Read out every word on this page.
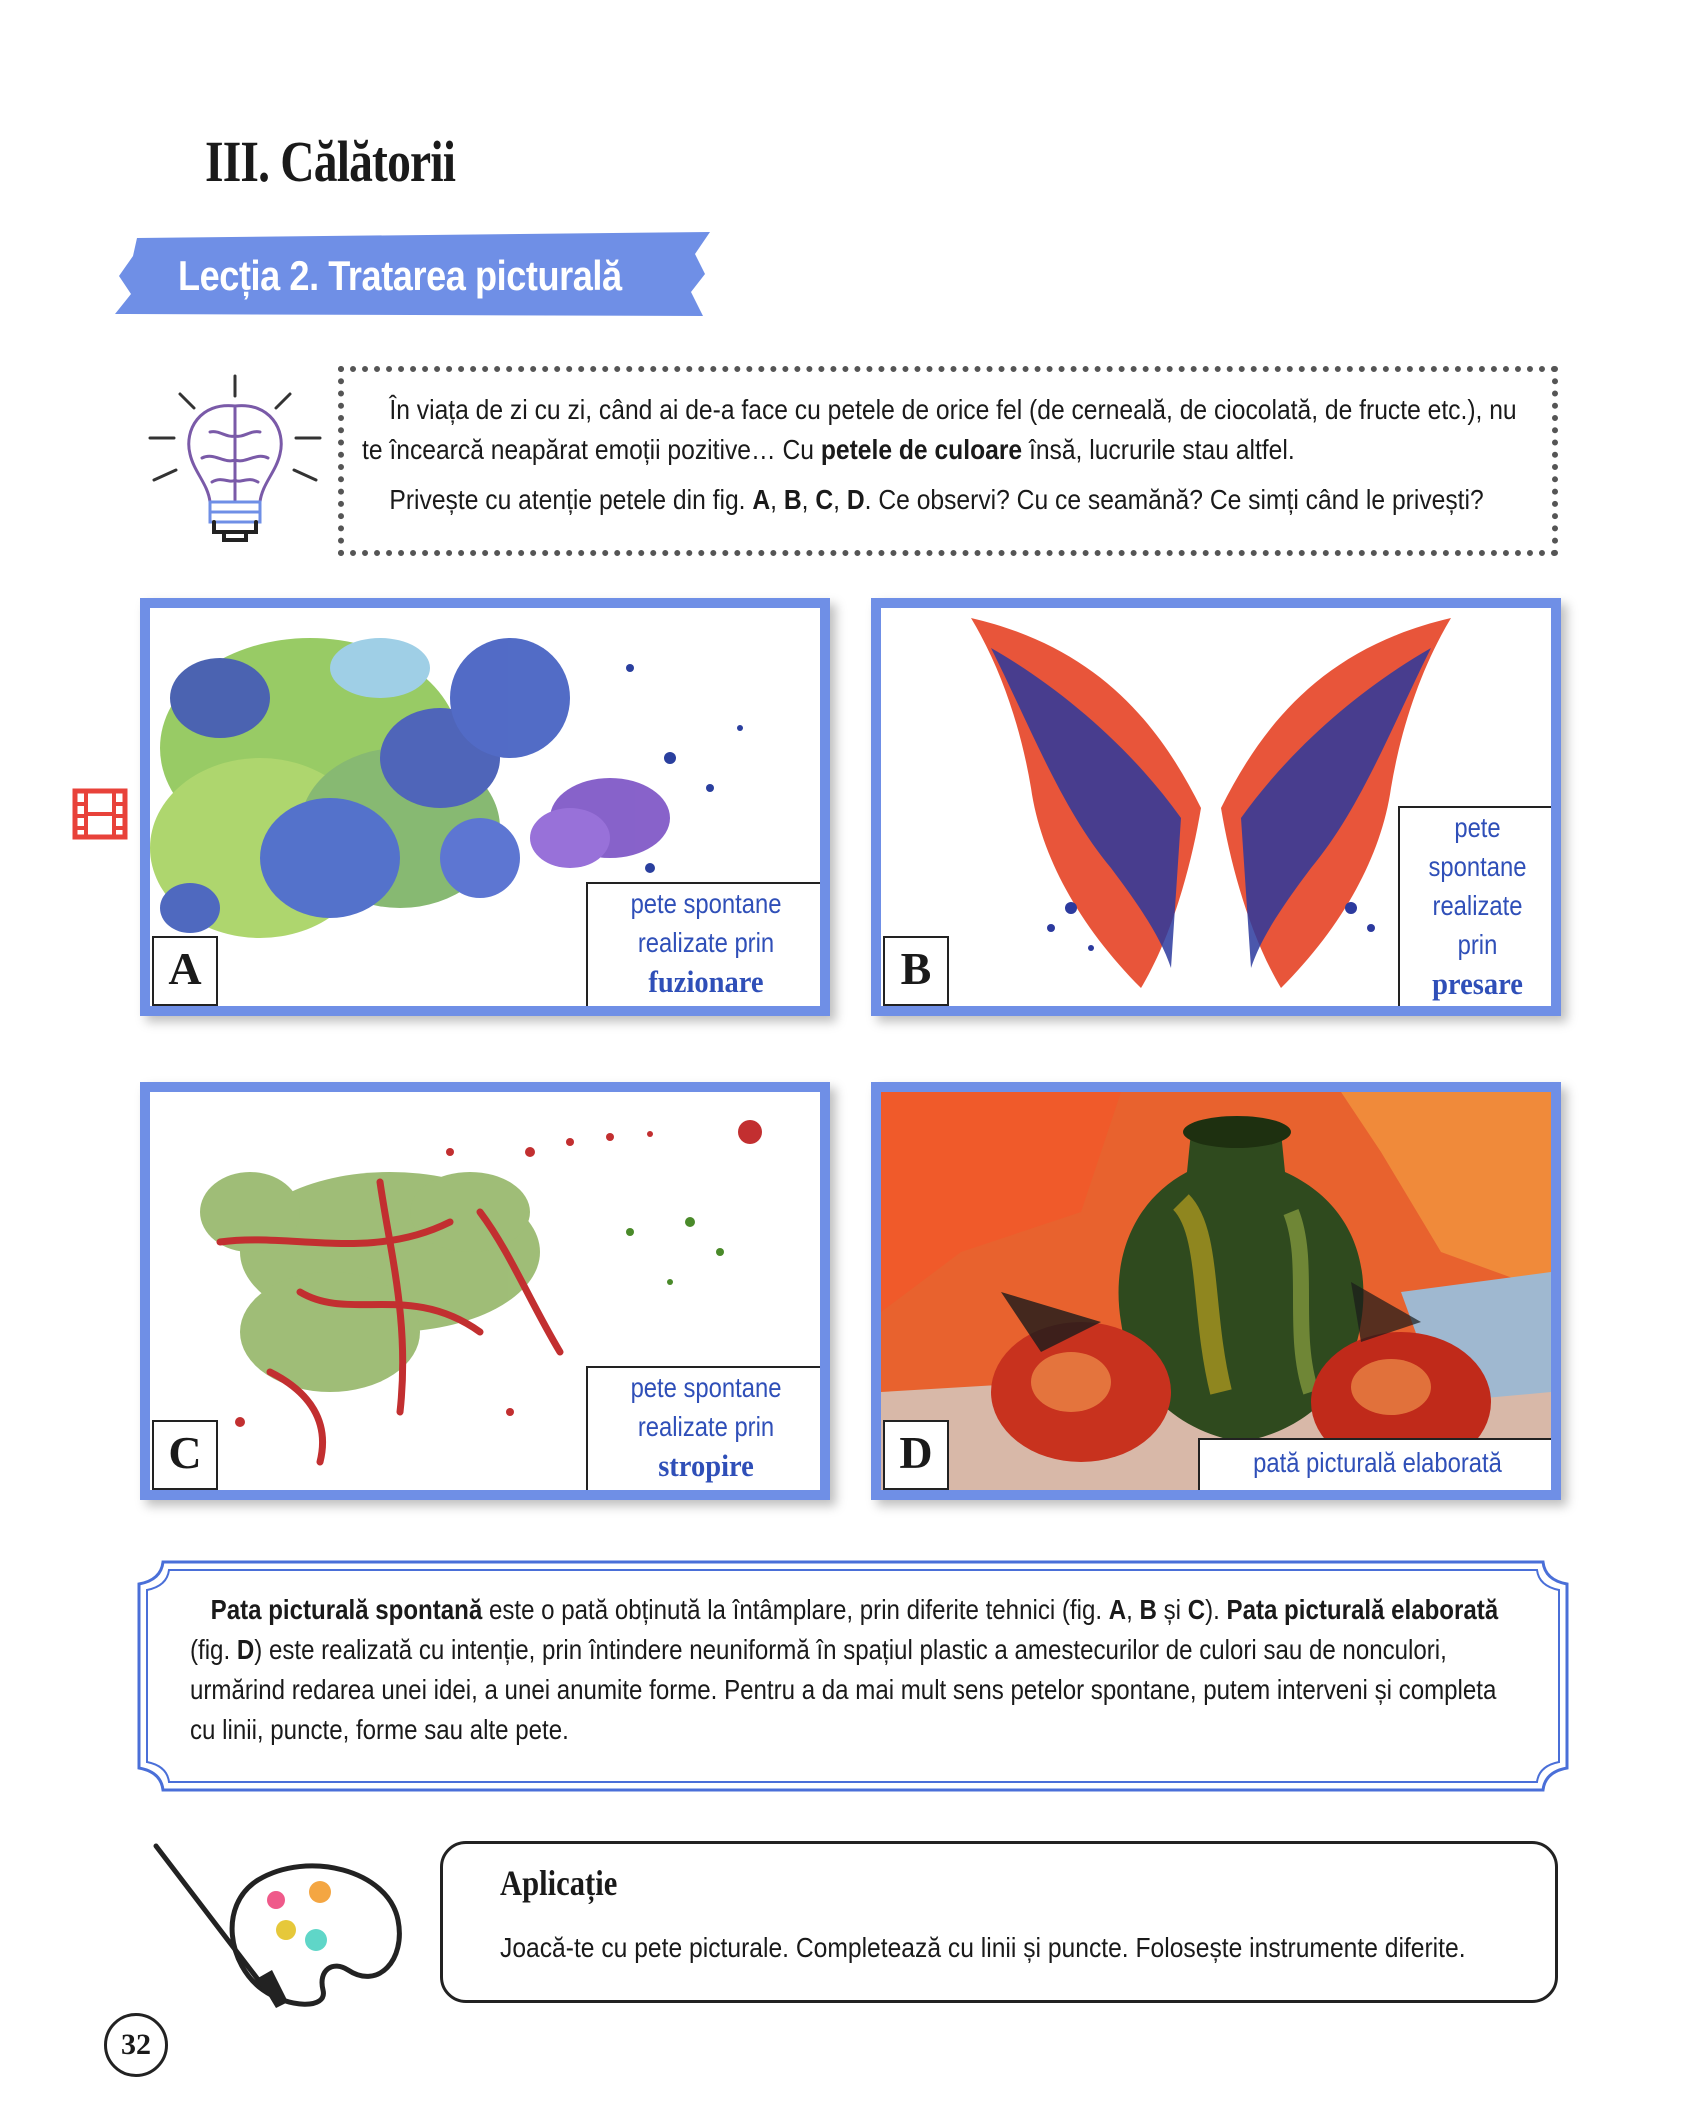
III. Călătorii
Lecția 2. Tratarea picturală

În viața de zi cu zi, când ai de-a face cu petele de orice fel (de cerneală, de ciocolată, de fructe etc.), nu te încearcă neapărat emoții pozitive… Cu petele de culoare însă, lucrurile stau altfel.

Privește cu atenție petele din fig. A, B, C, D. Ce observi? Cu ce seamănă? Ce simți când le privești?

A
pete spontane
realizate prin
fuzionare	B
pete
spontane
realizate
prin
presare
C
pete spontane
realizate prin
stropire	D	pată picturală elaborată

Pata picturală spontană este o pată obținută la întâmplare, prin diferite tehnici (fig. A, B și C). Pata picturală elaborată (fig. D) este realizată cu intenție, prin întindere neuniformă în spațiul plastic a amestecurilor de culori sau de nonculori, urmărind redarea unei idei, a unei anumite forme. Pentru a da mai mult sens petelor spontane, putem interveni și completa cu linii, puncte, forme sau alte pete.

Aplicație
Joacă-te cu pete picturale. Completează cu linii și puncte. Folosește instrumente diferite.
32
